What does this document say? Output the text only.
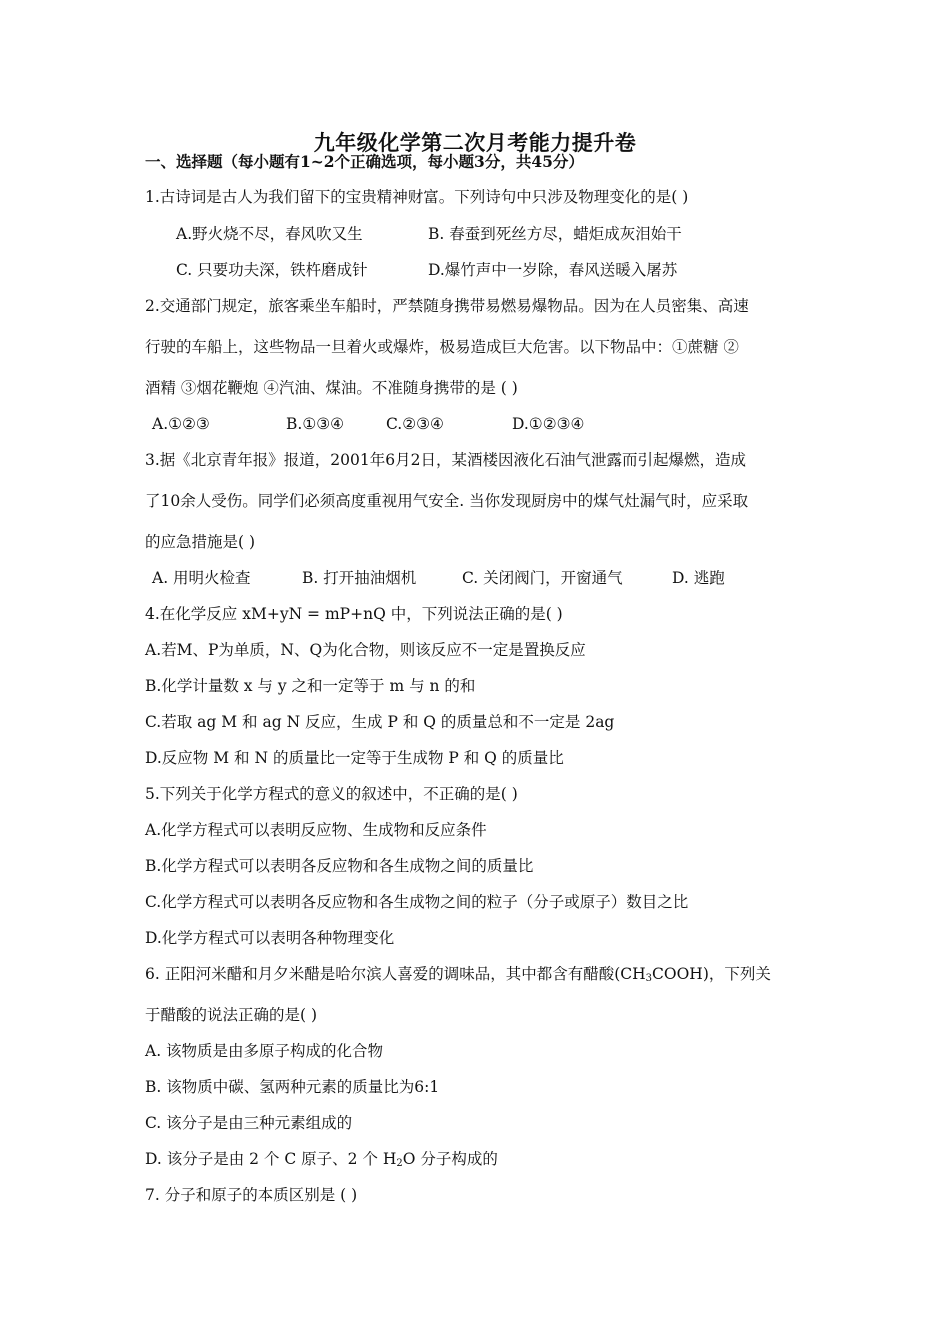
九年级化学第二次月考能力提升卷
一、选择题（每小题有1~2个正确选项，每小题3分，共45分）
1.古诗词是古人为我们留下的宝贵精神财富。下列诗句中只涉及物理变化的是( )
A.野火烧不尽，春风吹又生	B. 春蚕到死丝方尽，蜡炬成灰泪始干
C. 只要功夫深，铁杵磨成针	D.爆竹声中一岁除，春风送暖入屠苏
2.交通部门规定，旅客乘坐车船时，严禁随身携带易燃易爆物品。因为在人员密集、高速
行驶的车船上，这些物品一旦着火或爆炸，极易造成巨大危害。以下物品中：①蔗糖 ②
酒精 ③烟花鞭炮 ④汽油、煤油。不准随身携带的是 ( )
A.①②③	B.①③④	C.②③④	D.①②③④
3.据《北京青年报》报道，2001年6月2日，某酒楼因液化石油气泄露而引起爆燃，造成
了10余人受伤。同学们必须高度重视用气安全. 当你发现厨房中的煤气灶漏气时，应采取
的应急措施是( )
A. 用明火检查	B. 打开抽油烟机	C. 关闭阀门，开窗通气	D. 逃跑
4.在化学反应 xM+yN = mP+nQ 中，下列说法正确的是( )
A.若M、P为单质，N、Q为化合物，则该反应不一定是置换反应
B.化学计量数 x 与 y 之和一定等于 m 与 n 的和
C.若取 ag M 和 ag N 反应，生成 P 和 Q 的质量总和不一定是 2ag
D.反应物 M 和 N 的质量比一定等于生成物 P 和 Q 的质量比
5.下列关于化学方程式的意义的叙述中，不正确的是( )
A.化学方程式可以表明反应物、生成物和反应条件
B.化学方程式可以表明各反应物和各生成物之间的质量比
C.化学方程式可以表明各反应物和各生成物之间的粒子（分子或原子）数目之比
D.化学方程式可以表明各种物理变化
6. 正阳河米醋和月夕米醋是哈尔滨人喜爱的调味品，其中都含有醋酸$(CH_3COOH)$，下列关
于醋酸的说法正确的是( )
A. 该物质是由多原子构成的化合物
B. 该物质中碳、氢两种元素的质量比为6:1
C. 该分子是由三种元素组成的
D. 该分子是由 2 个 C 原子、2 个 $H_2O$ 分子构成的
7. 分子和原子的本质区别是 ( )
